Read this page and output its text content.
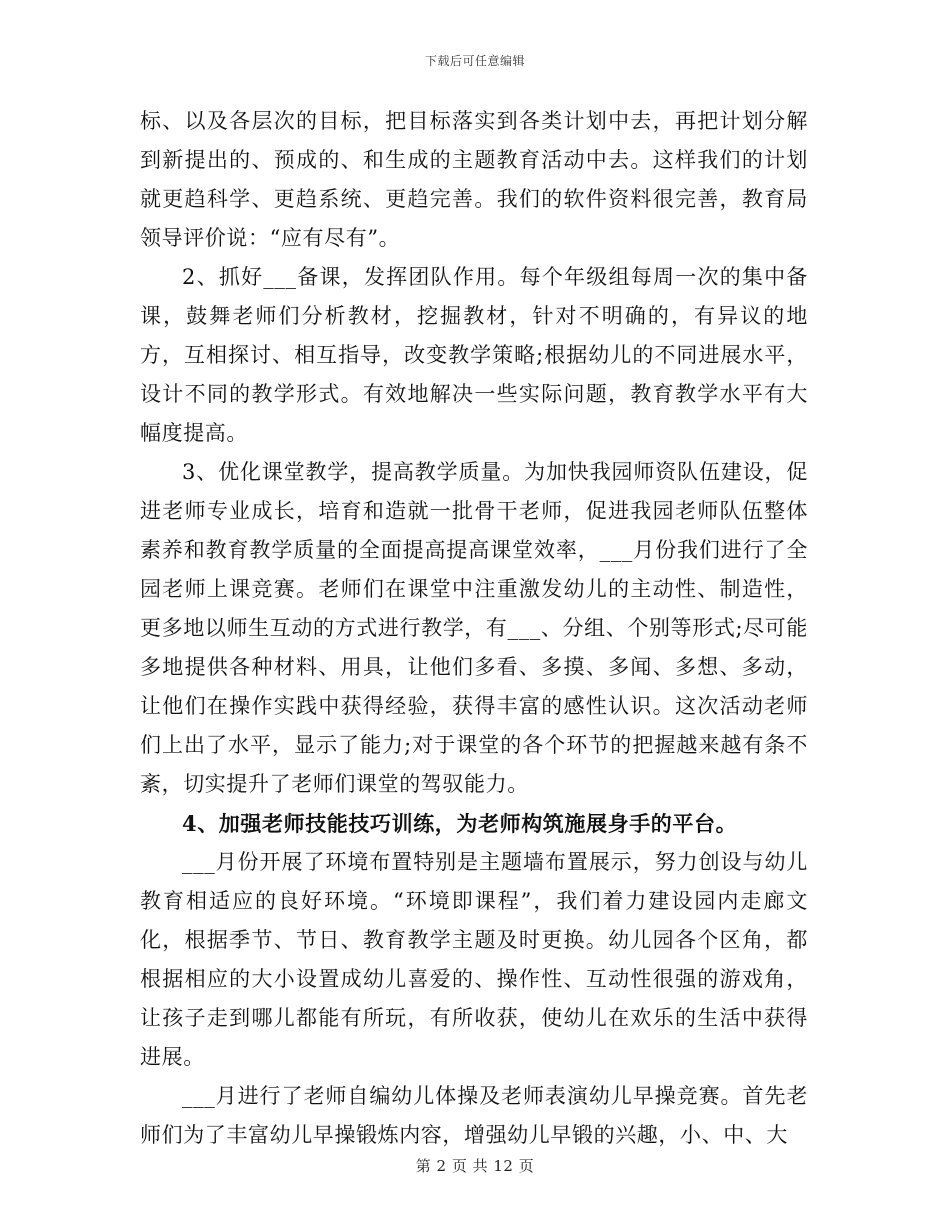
下载后可任意编辑

标、以及各层次的目标，把目标落实到各类计划中去，再把计划分解到新提出的、预成的、和生成的主题教育活动中去。这样我们的计划就更趋科学、更趋系统、更趋完善。我们的软件资料很完善，教育局领导评价说：“应有尽有”。

2、抓好___备课，发挥团队作用。每个年级组每周一次的集中备课，鼓舞老师们分析教材，挖掘教材，针对不明确的，有异议的地方，互相探讨、相互指导，改变教学策略;根据幼儿的不同进展水平，设计不同的教学形式。有效地解决一些实际问题，教育教学水平有大幅度提高。

3、优化课堂教学，提高教学质量。为加快我园师资队伍建设，促进老师专业成长，培育和造就一批骨干老师，促进我园老师队伍整体素养和教育教学质量的全面提高提高课堂效率，___月份我们进行了全园老师上课竞赛。老师们在课堂中注重激发幼儿的主动性、制造性，更多地以师生互动的方式进行教学，有___、分组、个别等形式;尽可能多地提供各种材料、用具，让他们多看、多摸、多闻、多想、多动，让他们在操作实践中获得经验，获得丰富的感性认识。这次活动老师们上出了水平，显示了能力;对于课堂的各个环节的把握越来越有条不紊，切实提升了老师们课堂的驾驭能力。

4、加强老师技能技巧训练，为老师构筑施展身手的平台。

___月份开展了环境布置特别是主题墙布置展示，努力创设与幼儿教育相适应的良好环境。“环境即课程”，我们着力建设园内走廊文化，根据季节、节日、教育教学主题及时更换。幼儿园各个区角，都根据相应的大小设置成幼儿喜爱的、操作性、互动性很强的游戏角，让孩子走到哪儿都能有所玩，有所收获，使幼儿在欢乐的生活中获得进展。

___月进行了老师自编幼儿体操及老师表演幼儿早操竞赛。首先老师们为了丰富幼儿早操锻炼内容，增强幼儿早锻的兴趣，小、中、大

第 2 页 共 12 页
